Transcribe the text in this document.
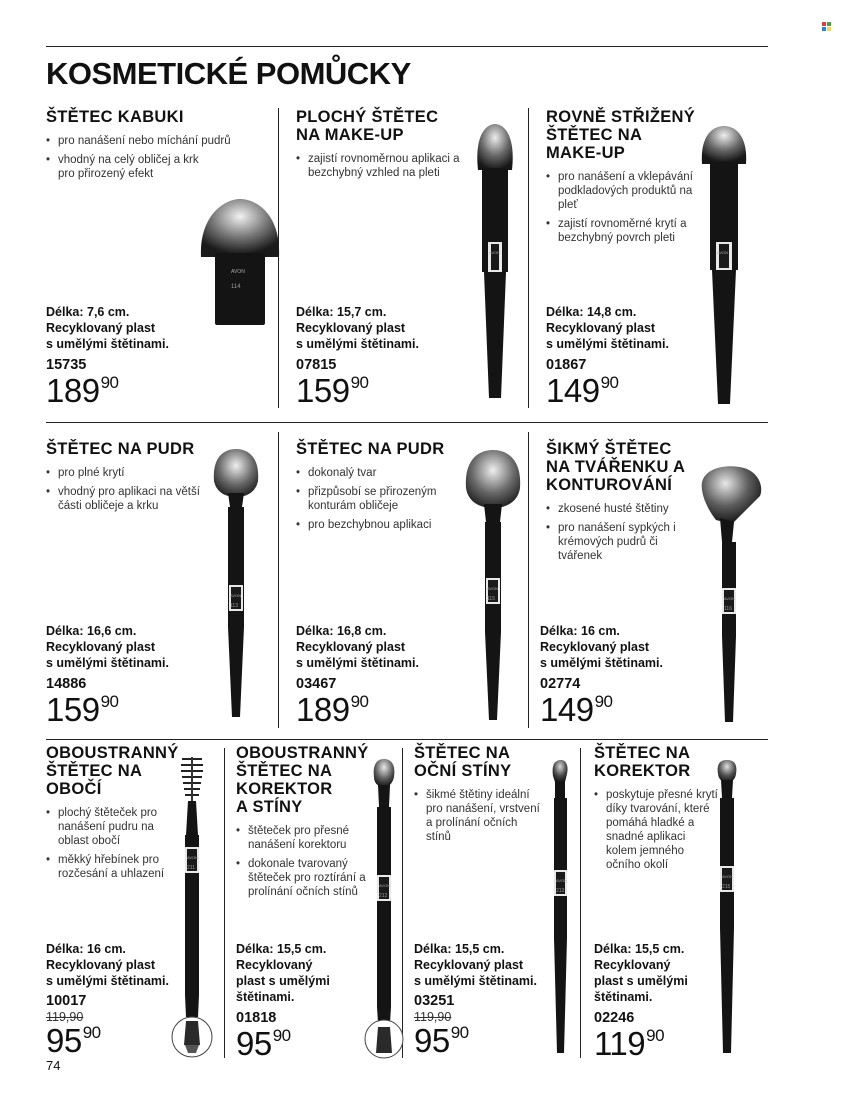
KOSMETICKÉ POMŮCKY
ŠTĚTEC KABUKI
• pro nanášení nebo míchání pudrů
• vhodný na celý obličej a krk pro přirozený efekt
AVON
114
Délka: 7,6 cm.
Recyklovaný plast
s umělými štětinami.
15735
$189^{90}$
PLOCHÝ ŠTĚTEC
NA MAKE-UP
• zajistí rovnoměrnou aplikaci a bezchybný vzhled na pleti
AVON
Délka: 15,7 cm.
Recyklovaný plast
s umělými štětinami.
07815
$159^{90}$
ROVNĚ STŘIŽENÝ
ŠTĚTEC NA
MAKE-UP
• pro nanášení a vklepávání podkladových produktů na pleť
• zajistí rovnoměrné krytí a bezchybný povrch pleti
AVON
Délka: 14,8 cm.
Recyklovaný plast
s umělými štětinami.
01867
$149^{90}$
ŠTĚTEC NA PUDR
• pro plné krytí
• vhodný pro aplikaci na větší části obličeje a krku
AVON
113
Délka: 16,6 cm.
Recyklovaný plast
s umělými štětinami.
14886
$159^{90}$
ŠTĚTEC NA PUDR
• dokonalý tvar
• přizpůsobí se přirozeným konturám obličeje
• pro bezchybnou aplikaci
AVON
115
Délka: 16,8 cm.
Recyklovaný plast
s umělými štětinami.
03467
$189^{90}$
ŠIKMÝ ŠTĚTEC
NA TVÁŘENKU A
KONTUROVÁNÍ
• zkosené husté štětiny
• pro nanášení sypkých i krémových pudrů či tvářenek
AVON
116
Délka: 16 cm.
Recyklovaný plast
s umělými štětinami.
02774
$149^{90}$
OBOUSTRANNÝ
ŠTĚTEC NA
OBOČÍ
• plochý štěteček pro nanášení pudru na oblast obočí
• měkký hřebínek pro rozčesání a uhlazení
AVON
211
Délka: 16 cm.
Recyklovaný plast
s umělými štětinami.
10017
119,90
$95^{90}$
OBOUSTRANNÝ
ŠTĚTEC NA
KOREKTOR
A STÍNY
• štěteček pro přesné nanášení korektoru
• dokonale tvarovaný štěteček pro roztírání a prolínání očních stínů
AVON
212
Délka: 15,5 cm.
Recyklovaný
plast s umělými
štětinami.
01818
$95^{90}$
ŠTĚTEC NA
OČNÍ STÍNY
• šikmé štětiny ideální pro nanášení, vrstvení a prolínání očních stínů
AVON
213
Délka: 15,5 cm.
Recyklovaný plast
s umělými štětinami.
03251
119,90
$95^{90}$
ŠTĚTEC NA
KOREKTOR
• poskytuje přesné krytí díky tvarování, které pomáhá hladké a snadné aplikaci kolem jemného očního okolí
AVON
215
Délka: 15,5 cm.
Recyklovaný
plast s umělými
štětinami.
02246
$119^{90}$
74
